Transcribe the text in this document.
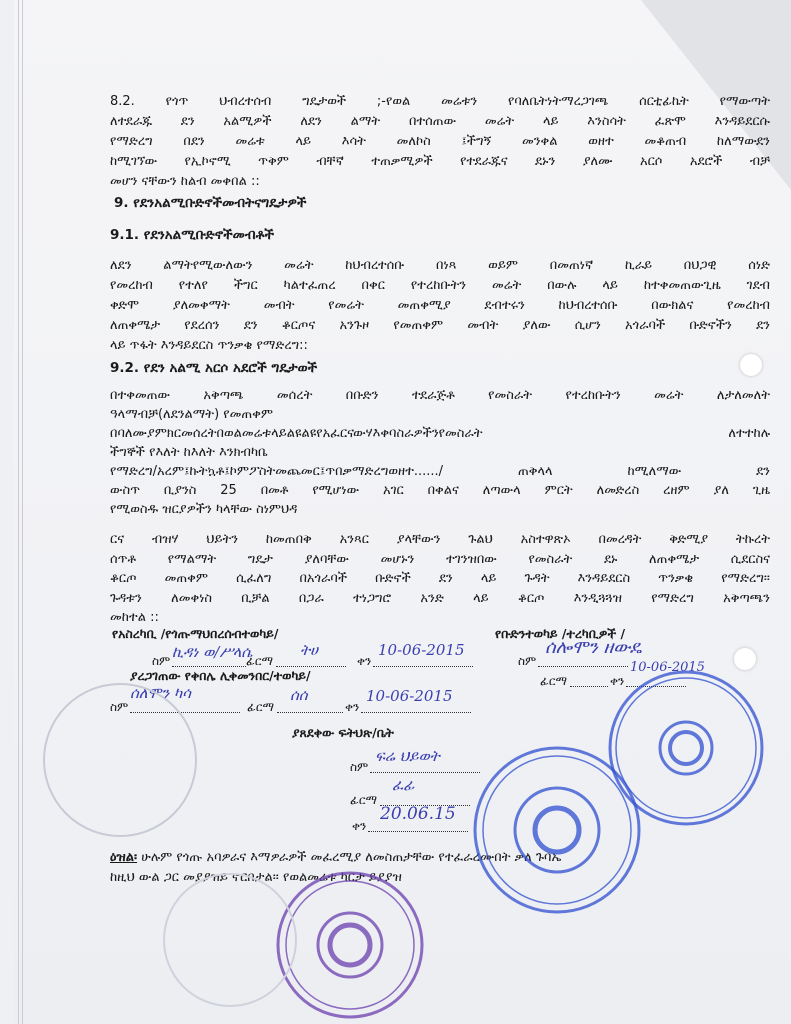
8.2. የጎጥ ህብረተሰብ ግዴታወች ;-የወል መሬቱን የባለቤትነትማረጋገጫ ሰርቲፊኬት የማውጣት
ለተደራጁ ደን አልሚዎች ለደን ልማት በተሰጠው መሬት ላይ እንስሳት ፈጽሞ እንዳይደርሱ
የማድረግ በደን መሬቱ ላይ እሳት መለኮስ ፤ችግኝ መንቀል ወዘተ መቆጠብ ከለማውደን
ከሚገኘው የኢኮኖሚ ጥቅም ብቸኛ ተጠቃሚዎች የተደራጁና ደኑን ያለሙ አርሶ አደሮች ብቻ
መሆን ናቸውን ከልብ መቀበል ::
9. የደንአልሚቡድኖችመብትናግዴታዎች
9.1. የደንአልሚቡድኖችመብቶች
ለደን ልማትየሚውለውን መሬት ከህብረተሰቡ በነጻ ወይም በመጠነኛ ኪራይ በህጋዊ ሰነድ
የመረከብ የተለየ ችግር ካልተፈጠረ በቀር የተረከቡትን መሬት በውሉ ላይ ከተቀመጠውጊዜ ገደብ
ቀድሞ ያለመቀማት መብት የመሬት መጠቀሚያ ደብተሩን ከህብረተሰቡ በውክልና የመረከብ
ለጠቀሜታ የደረሰን ደን ቆርጦና አንጉዞ የመጠቀም መብት ያለው ሲሆን አጎራባች ቡድኖችን ደን
ላይ ጥፋት እንዳይደርስ ጥንቃቄ የማድረግ::
9.2. የደን አልሚ አርሶ አደሮች ግዴታወች
በተቀመጠው አቅጣጫ መሰረት በቡድን ተደራጅቶ የመስራት የተረከቡትን መሬት ለታለመለት
ዓላማብቻ(ለደንልማት) የመጠቀም
በባለሙያምክርመሰረትበወልመሬቱላይልዩልዩየአፈርናውሃእቀባስራዎችንየመስራት ለተተከሉ
ችግኞች የእለት ከእለት እንክብካቤ
የማድረግ/አረም፤ኩትኳቶ፤ኮምፖስትመጨመር፤ጥበቃማድረግወዘተ....../ ጠቅላላ ከሚለማው ደን
ውስጥ ቢያንስ 25 በመቶ የሚሆነው አገር በቀልና ለጣውላ ምርት ለመድረስ ረዘም ያለ ጊዜ
የሚወስዱ ዝርያዎችን ካላቸው ስነምህዳ
ርና ብዝሃ ህይትን ከመጠበቅ አንጻር ያላቸውን ጉልህ አስተዋጽኦ በመረዳት ቅድሚያ ትኩረት
ሰጥቶ የማልማት ግዴታ ያለባቸው መሆኑን ተገንዝበው የመስራት ደኑ ለጠቀሜታ ሲደርስና
ቆርጦ መጠቀም ሲፈለግ በአጎራባች ቡድኖች ደን ላይ ጉዳት እንዳይደርስ ጥንቃቄ የማድረግ፡፡
ጉዳቱን ለመቀነስ ቢቻል በጋራ ተነጋግሮ አንድ ላይ ቆርጦ እንዲጓጓዝ የማድረግ አቅጣጫን
መከተል ::
የአስረካቢ /የጎጡማህበረሰብተወካይ/	የቡድንተወካይ /ተረካቢዎች /
ስም ኪዳነ ወ/ሥላሴ
ፊርማ
ትሀ
ቀን
10-06-2015
ስም
ሰሎሞን ዘውዴ
ፊርማ	ቀን
10-06-2015
ያረጋገጠው የቀበሌ ሊቀመንበር/ተወካይ/
ስም
ሰለሞን ካሳ
ፊርማ
ሰሰ
ቀን
10-06-2015
ያጸደቀው ፍትህጽ/ቤት
ስም
ፍሬ ህይወት
ፊርማ
ፈፊ
ቀን
20.06.15
ዕዝል፡ ሁሉም የጎጡ አባዎራና እማዎራዎች መፈረሚያ ለመስጠታቸው የተፈራረሙበት ቃለ ጉባኤ
ከዚህ ውል ጋር መያያዝይ ኖርበታል፡፡ የወልመሬቱ ካርታ ይያያዝ
